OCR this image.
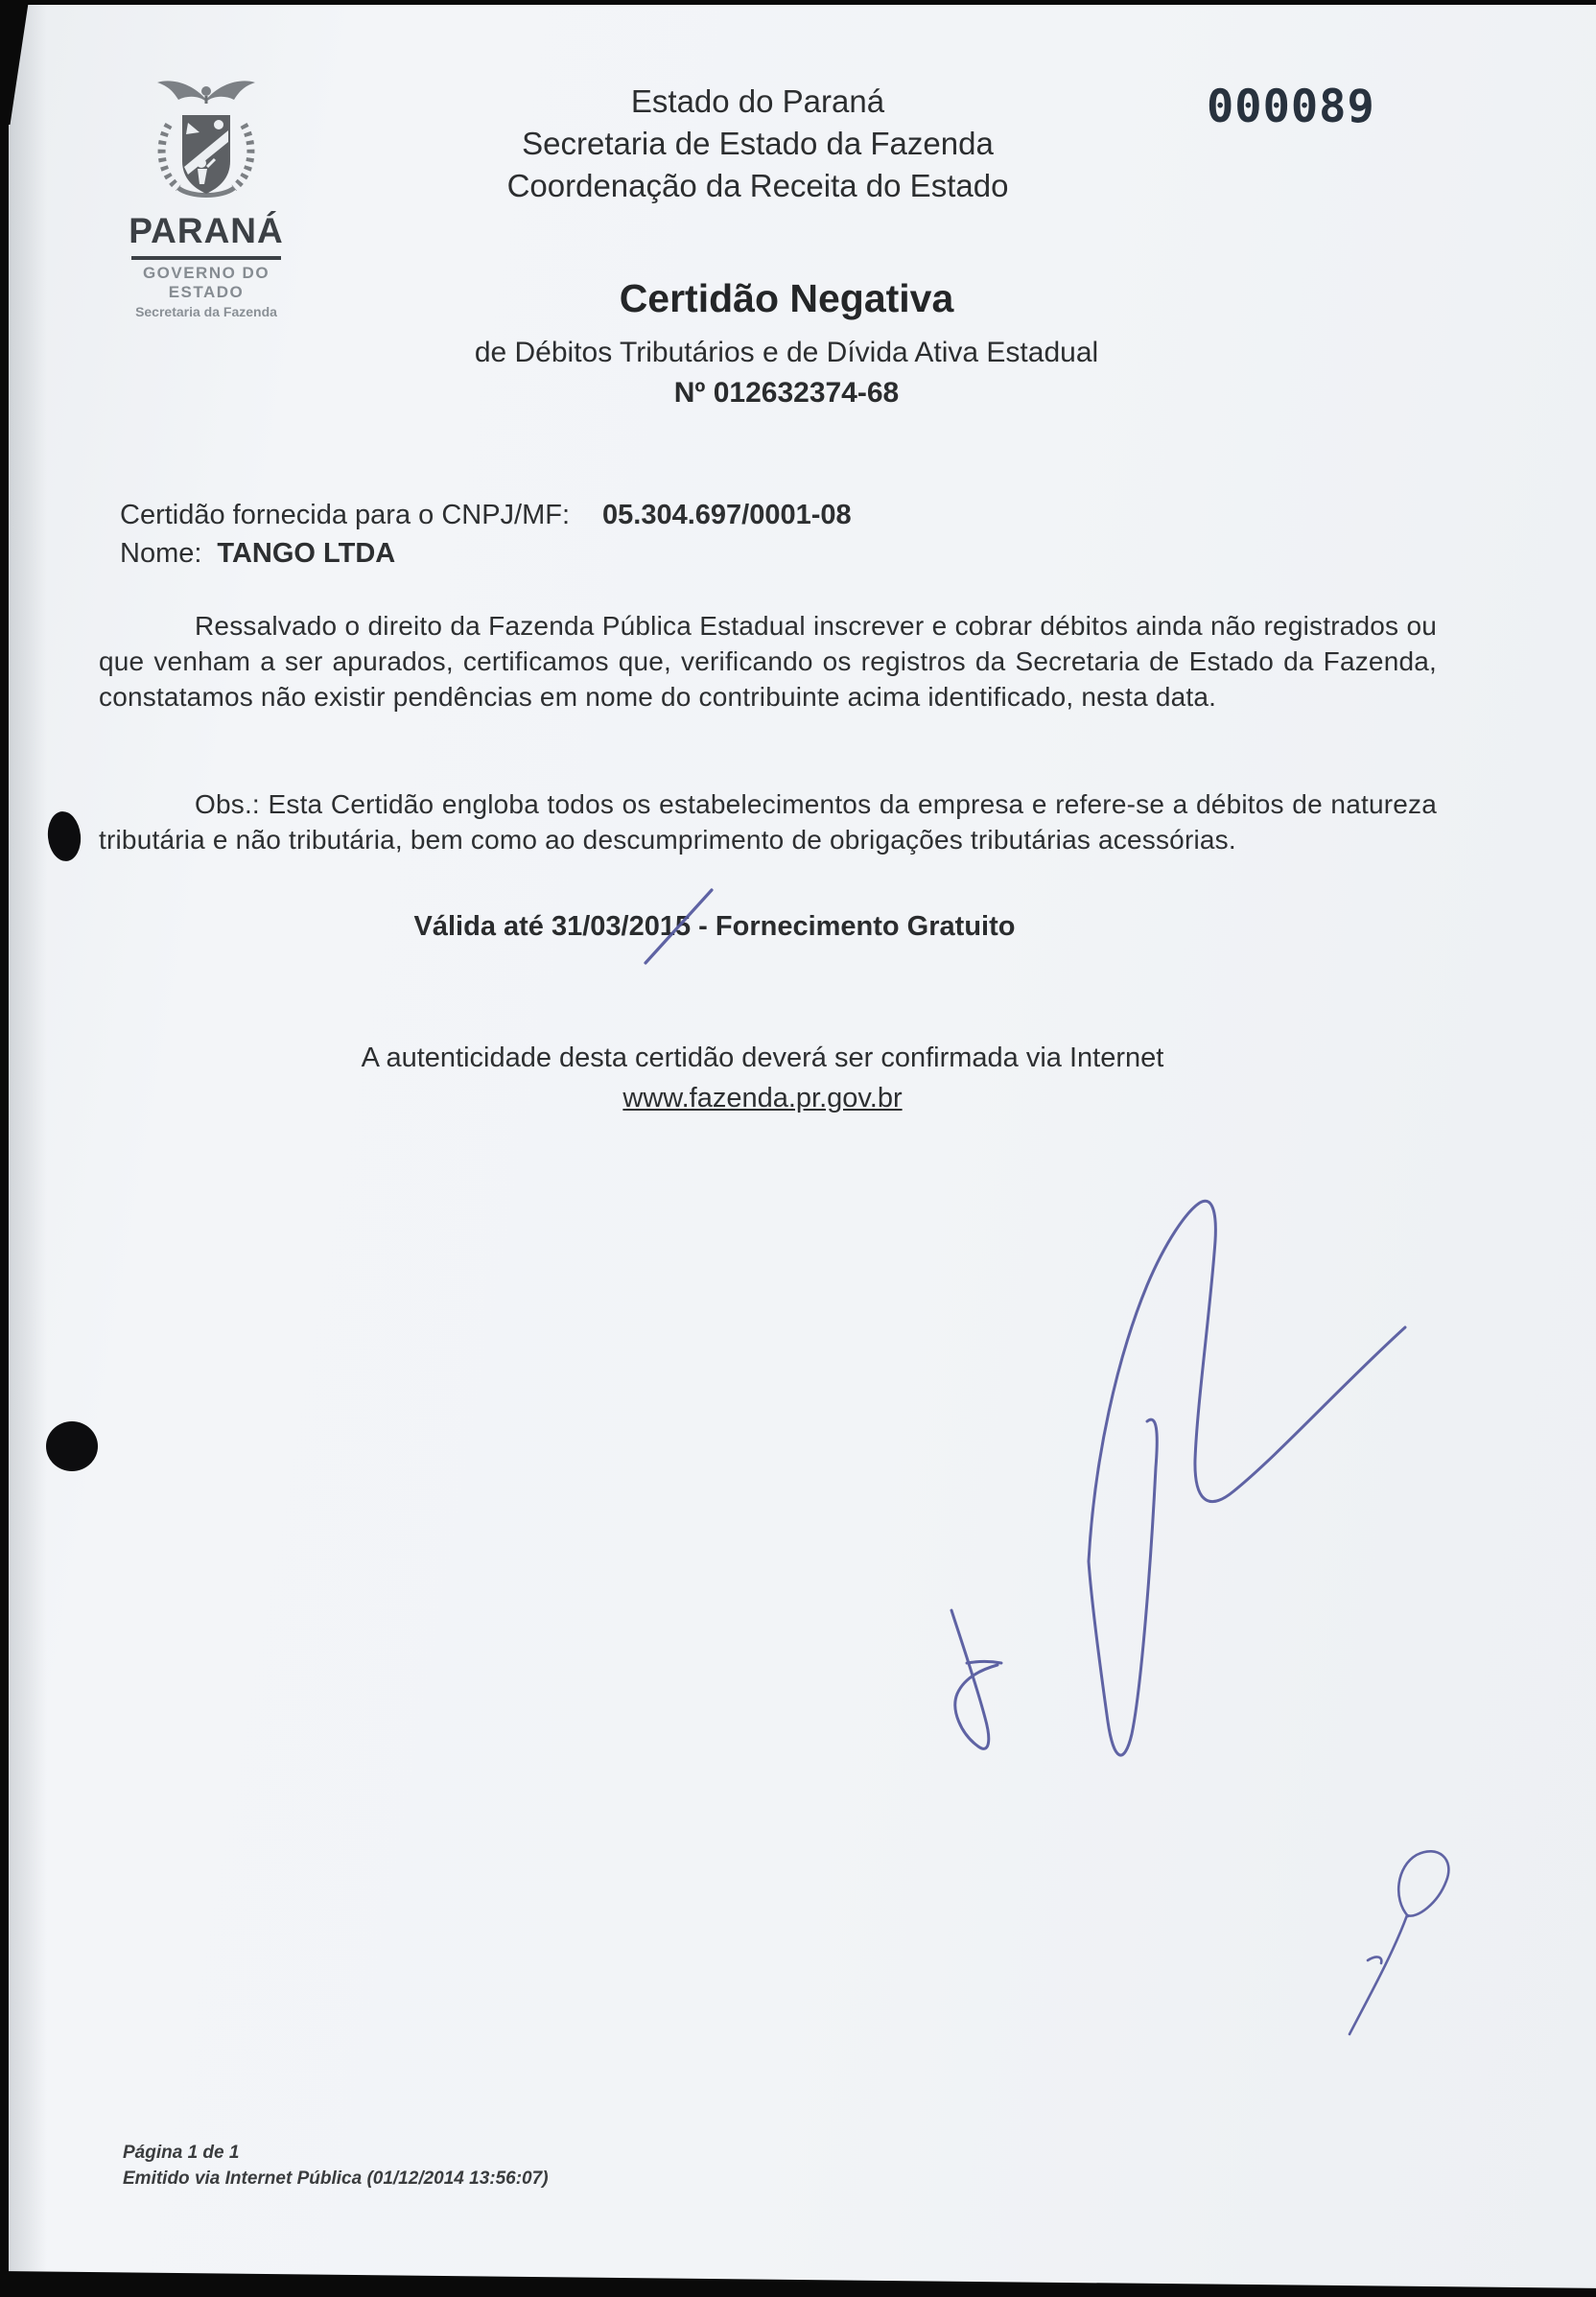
PARANÁ
GOVERNO DO ESTADO
Secretaria da Fazenda
Estado do Paraná
Secretaria de Estado da Fazenda
Coordenação da Receita do Estado
000089
Certidão Negativa
de Débitos Tributários e de Dívida Ativa Estadual
Nº 012632374-68
Certidão fornecida para o CNPJ/MF: 05.304.697/0001-08
Nome: TANGO LTDA

Ressalvado o direito da Fazenda Pública Estadual inscrever e cobrar débitos ainda não registrados ou que venham a ser apurados, certificamos que, verificando os registros da Secretaria de Estado da Fazenda, constatamos não existir pendências em nome do contribuinte acima identificado, nesta data.

Obs.: Esta Certidão engloba todos os estabelecimentos da empresa e refere-se a débitos de natureza tributária e não tributária, bem como ao descumprimento de obrigações tributárias acessórias.

Válida até 31/03/2015 - Fornecimento Gratuito
A autenticidade desta certidão deverá ser confirmada via Internet
www.fazenda.pr.gov.br
Página 1 de 1
Emitido via Internet Pública (01/12/2014 13:56:07)
